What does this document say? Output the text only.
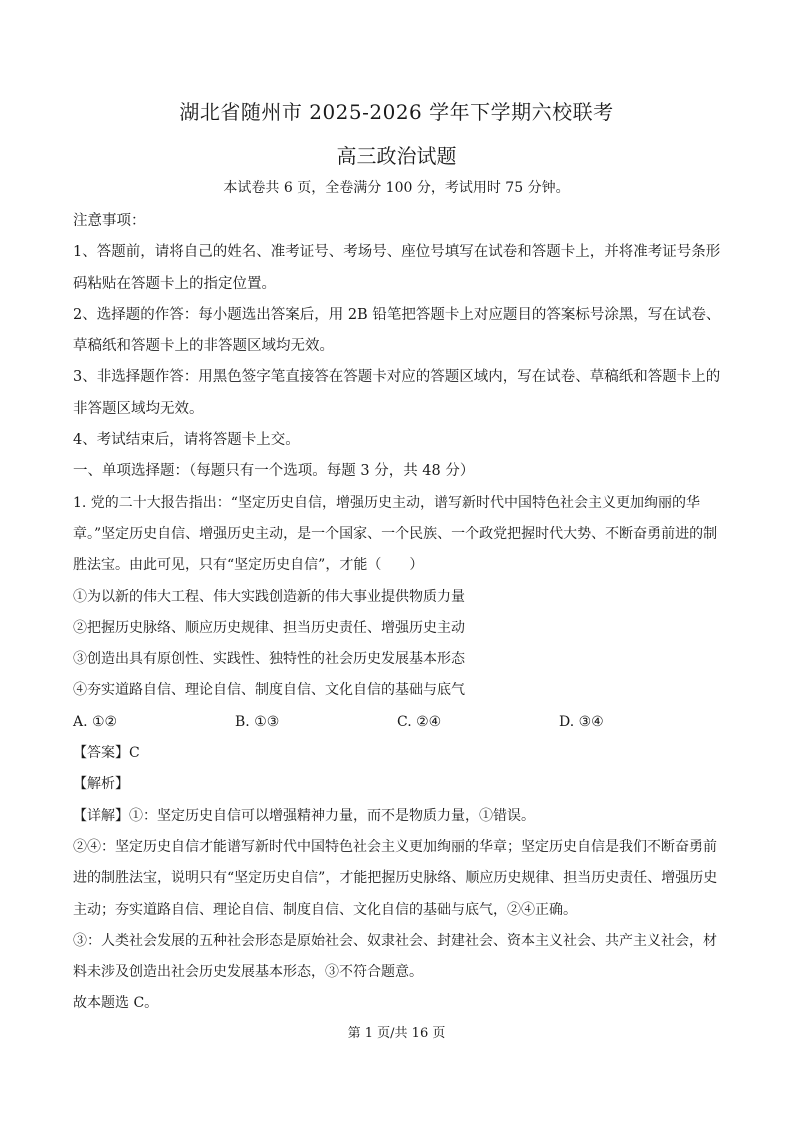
湖北省随州市 2025-2026 学年下学期六校联考
高三政治试题
本试卷共 6 页，全卷满分 100 分，考试用时 75 分钟。

注意事项：

1、答题前，请将自己的姓名、准考证号、考场号、座位号填写在试卷和答题卡上，并将准考证号条形码粘贴在答题卡上的指定位置。

2、选择题的作答：每小题选出答案后，用 2B 铅笔把答题卡上对应题目的答案标号涂黑，写在试卷、草稿纸和答题卡上的非答题区域均无效。

3、非选择题作答：用黑色签字笔直接答在答题卡对应的答题区域内，写在试卷、草稿纸和答题卡上的非答题区域均无效。

4、考试结束后，请将答题卡上交。

一、单项选择题：（每题只有一个选项。每题 3 分，共 48 分）

1. 党的二十大报告指出：“坚定历史自信，增强历史主动，谱写新时代中国特色社会主义更加绚丽的华章。”坚定历史自信、增强历史主动，是一个国家、一个民族、一个政党把握时代大势、不断奋勇前进的制胜法宝。由此可见，只有“坚定历史自信”，才能（　　）

①为以新的伟大工程、伟大实践创造新的伟大事业提供物质力量

②把握历史脉络、顺应历史规律、担当历史责任、增强历史主动

③创造出具有原创性、实践性、独特性的社会历史发展基本形态

④夯实道路自信、理论自信、制度自信、文化自信的基础与底气

A. ①②	B. ①③	C. ②④	D. ③④

【答案】C

【解析】

【详解】①：坚定历史自信可以增强精神力量，而不是物质力量，①错误。

②④：坚定历史自信才能谱写新时代中国特色社会主义更加绚丽的华章；坚定历史自信是我们不断奋勇前进的制胜法宝，说明只有“坚定历史自信”，才能把握历史脉络、顺应历史规律、担当历史责任、增强历史主动；夯实道路自信、理论自信、制度自信、文化自信的基础与底气，②④正确。

③：人类社会发展的五种社会形态是原始社会、奴隶社会、封建社会、资本主义社会、共产主义社会，材料未涉及创造出社会历史发展基本形态，③不符合题意。

故本题选 C。

第 1 页/共 16 页
